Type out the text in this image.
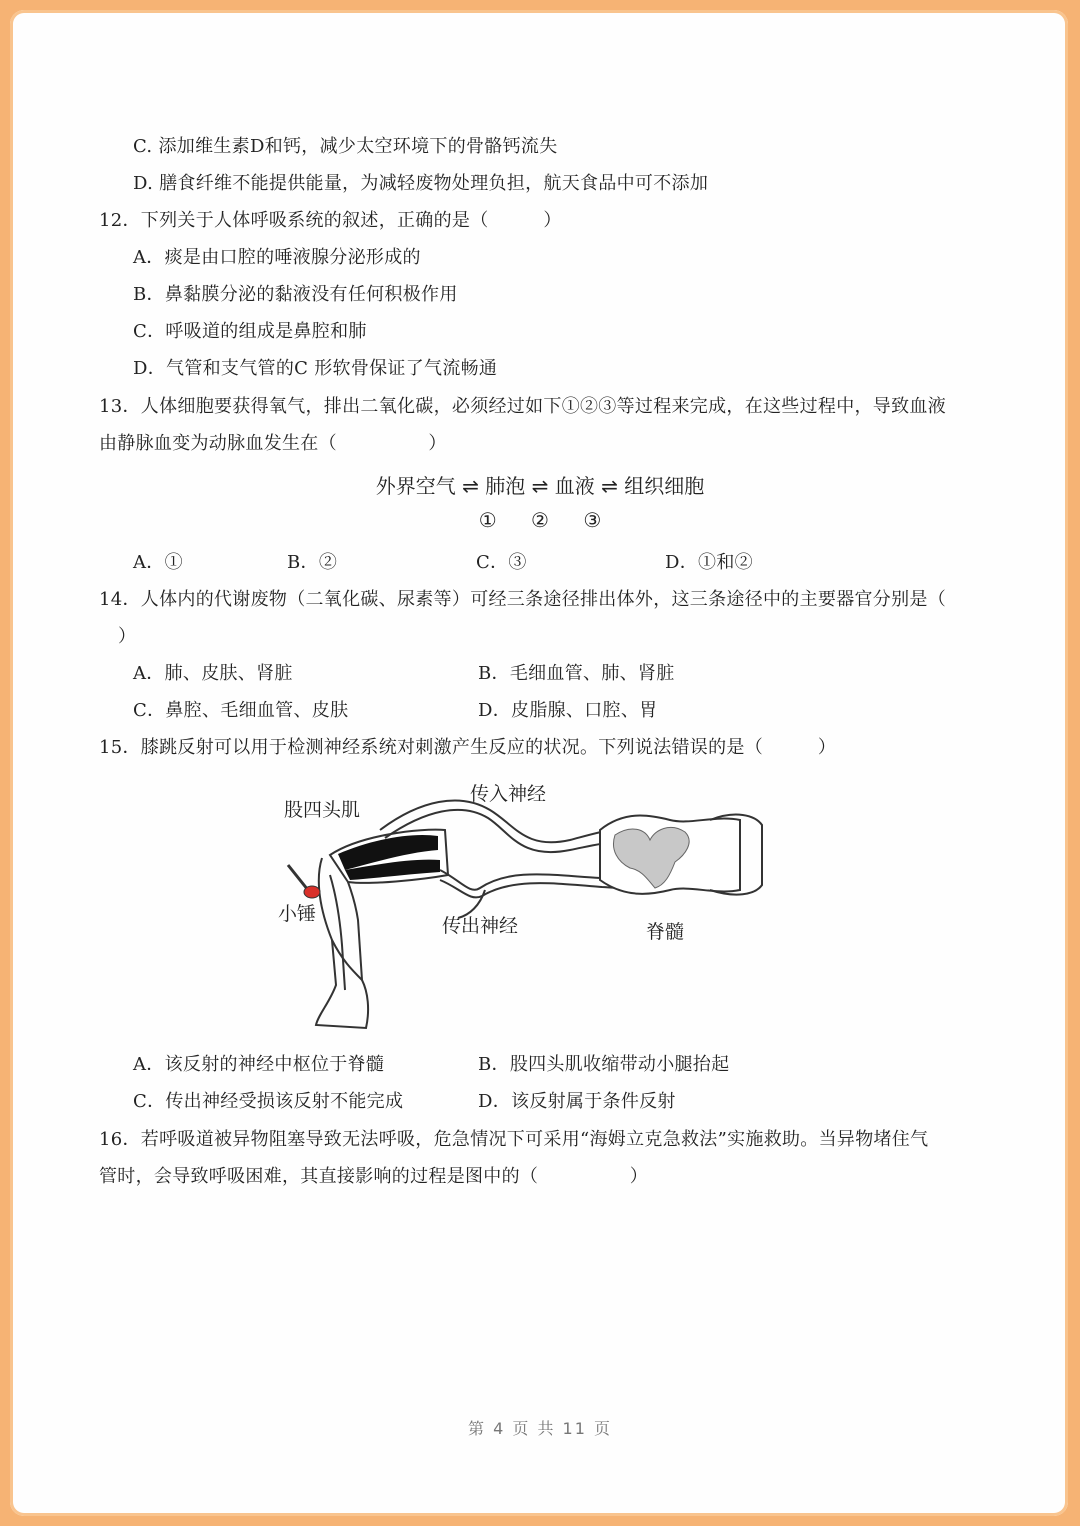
C. 添加维生素D和钙，减少太空环境下的骨骼钙流失
D. 膳食纤维不能提供能量，为减轻废物处理负担，航天食品中可不添加
12．下列关于人体呼吸系统的叙述，正确的是（　　　）
A．痰是由口腔的唾液腺分泌形成的
B．鼻黏膜分泌的黏液没有任何积极作用
C．呼吸道的组成是鼻腔和肺
D．气管和支气管的C 形软骨保证了气流畅通
13．人体细胞要获得氧气，排出二氧化碳，必须经过如下①②③等过程来完成，在这些过程中，导致血液
由静脉血变为动脉血发生在（　　　　　）
外界空气 ⇌ 肺泡 ⇌ 血液 ⇌ 组织细胞
① ② ③
A．①	B．②	C．③	D．①和②
14．人体内的代谢废物（二氧化碳、尿素等）可经三条途径排出体外，这三条途径中的主要器官分别是（
）
A．肺、皮肤、肾脏	B．毛细血管、肺、肾脏
C．鼻腔、毛细血管、皮肤	D．皮脂腺、口腔、胃
15．膝跳反射可以用于检测神经系统对刺激产生反应的状况。下列说法错误的是（　　　）
股四头肌
传入神经
小锤
传出神经	脊髓
A．该反射的神经中枢位于脊髓	B．股四头肌收缩带动小腿抬起
C．传出神经受损该反射不能完成	D．该反射属于条件反射
16．若呼吸道被异物阻塞导致无法呼吸，危急情况下可采用“海姆立克急救法”实施救助。当异物堵住气
管时，会导致呼吸困难，其直接影响的过程是图中的（　　　　　）
第 4 页 共 11 页
